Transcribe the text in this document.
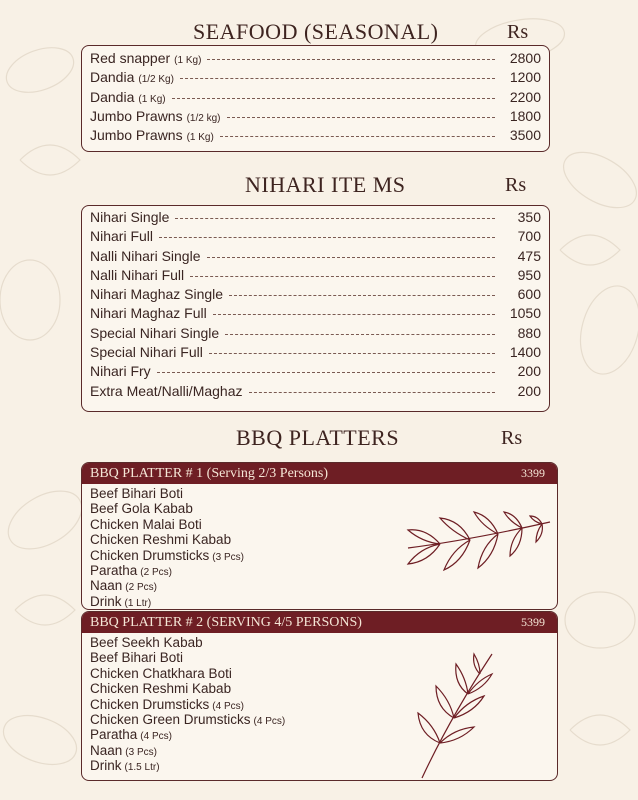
SEAFOOD (SEASONAL)	Rs
Red snapper (1 Kg)	2800
Dandia (1/2 Kg)	1200
Dandia (1 Kg)	2200
Jumbo Prawns (1/2 kg)	1800
Jumbo Prawns (1 Kg)	3500
NIHARI ITE MS	Rs
Nihari Single	350
Nihari Full	700
Nalli Nihari Single	475
Nalli Nihari Full	950
Nihari Maghaz Single	600
Nihari Maghaz Full	1050
Special Nihari Single	880
Special Nihari Full	1400
Nihari Fry	200
Extra Meat/Nalli/Maghaz	200
BBQ PLATTERS	Rs
BBQ PLATTER # 1 (Serving 2/3 Persons)	3399
Beef Bihari Boti
Beef Gola Kabab
Chicken Malai Boti
Chicken Reshmi Kabab
Chicken Drumsticks (3 Pcs)
Paratha (2 Pcs)
Naan (2 Pcs)
Drink (1 Ltr)
BBQ PLATTER # 2 (SERVING 4/5 PERSONS)	5399
Beef Seekh Kabab
Beef Bihari Boti
Chicken Chatkhara Boti
Chicken Reshmi Kabab
Chicken Drumsticks (4 Pcs)
Chicken Green Drumsticks (4 Pcs)
Paratha (4 Pcs)
Naan (3 Pcs)
Drink (1.5 Ltr)
